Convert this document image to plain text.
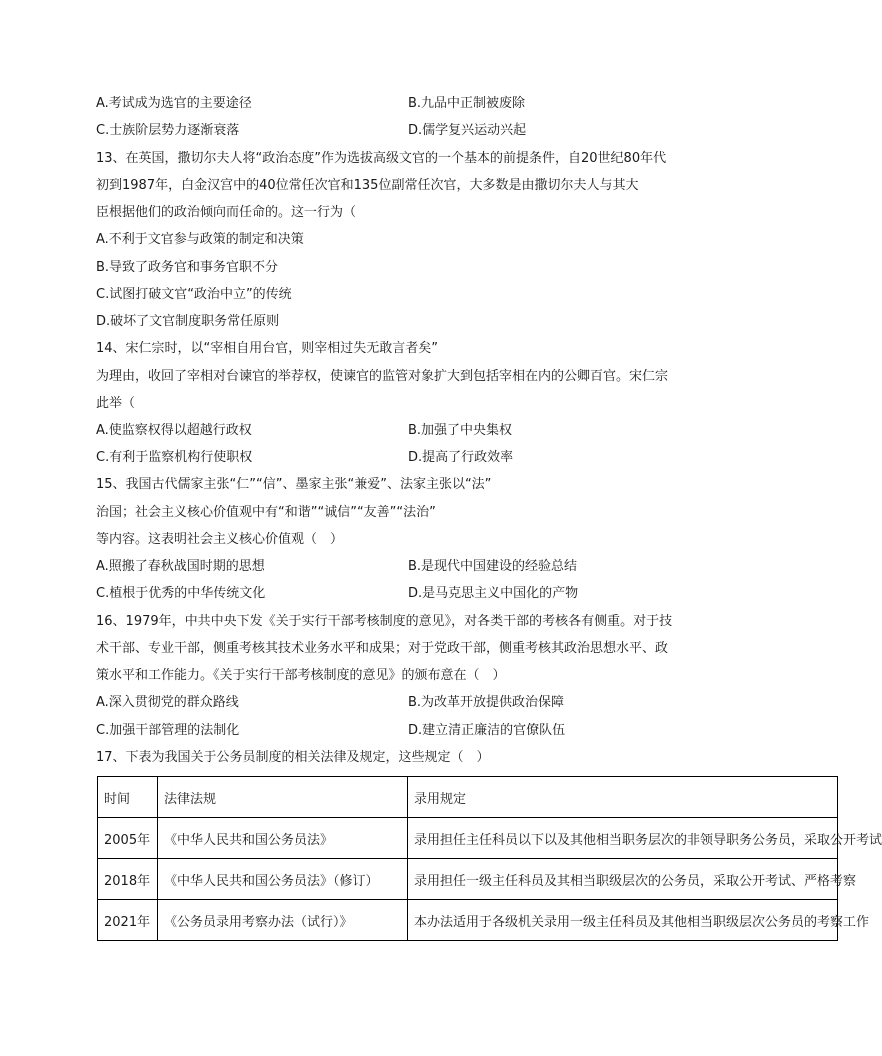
A.考试成为选官的主要途径	B.九品中正制被废除
C.士族阶层势力逐渐衰落	D.儒学复兴运动兴起
13、在英国，撒切尔夫人将“政治态度”作为选拔高级文官的一个基本的前提条件，自20世纪80年代
初到1987年，白金汉宫中的40位常任次官和135位副常任次官，大多数是由撒切尔夫人与其大
臣根据他们的政治倾向而任命的。这一行为（
A.不利于文官参与政策的制定和决策
B.导致了政务官和事务官职不分
C.试图打破文官“政治中立”的传统
D.破坏了文官制度职务常任原则
14、宋仁宗时，以“宰相自用台官，则宰相过失无敢言者矣”
为理由，收回了宰相对台谏官的举荐权，使谏官的监管对象扩大到包括宰相在内的公卿百官。宋仁宗
此举（
A.使监察权得以超越行政权	B.加强了中央集权
C.有利于监察机构行使职权	D.提高了行政效率
15、我国古代儒家主张“仁”“信”、墨家主张“兼爱”、法家主张以“法”
治国；社会主义核心价值观中有“和谐”“诚信”“友善”“法治”
等内容。这表明社会主义核心价值观（　）
A.照搬了春秋战国时期的思想	B.是现代中国建设的经验总结
C.植根于优秀的中华传统文化	D.是马克思主义中国化的产物
16、1979年，中共中央下发《关于实行干部考核制度的意见》，对各类干部的考核各有侧重。对于技
术干部、专业干部，侧重考核其技术业务水平和成果；对于党政干部，侧重考核其政治思想水平、政
策水平和工作能力。《关于实行干部考核制度的意见》的颁布意在（　）
A.深入贯彻党的群众路线	B.为改革开放提供政治保障
C.加强干部管理的法制化	D.建立清正廉洁的官僚队伍
17、下表为我国关于公务员制度的相关法律及规定，这些规定（　）
时间	法律法规	录用规定
2005年	《中华人民共和国公务员法》	录用担任主任科员以下以及其他相当职务层次的非领导职务公务员，采取公开考试
2018年	《中华人民共和国公务员法》（修订）	录用担任一级主任科员及其相当职级层次的公务员，采取公开考试、严格考察
2021年	《公务员录用考察办法（试行）》	本办法适用于各级机关录用一级主任科员及其他相当职级层次公务员的考察工作
